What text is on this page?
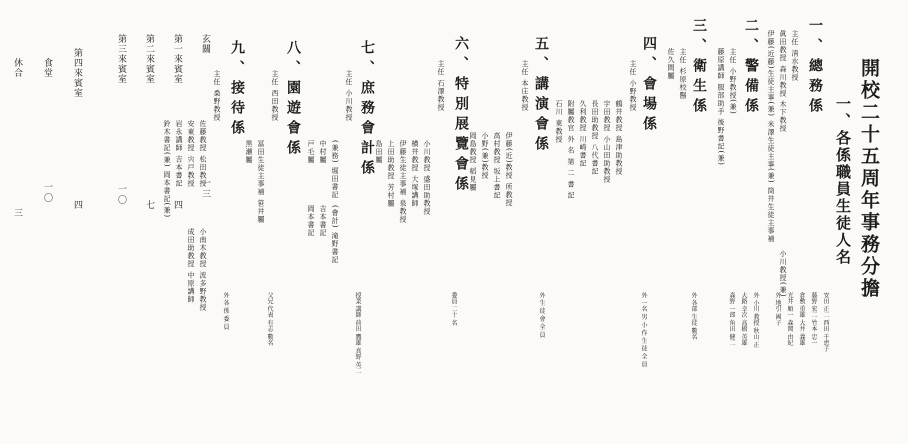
開校二十五周年事務分擔
一、各係職員生徒人名
一、總務係
主任 清水教授
眞田教授 森川教授 木下教授
伊藤(近藤)生徒主事(兼) 米澤生徒主事(兼) 筒井生徒主事補
小川教授(兼)
安田 正二 西田 千恵子
藤野 宏二 竹本 忠一
倉敷 重雄 大井 義雄
光井 順一 森岡 由紀
外 地引 國子
二、警備係
主任 小野教授(兼)
藤原講師 服部助手 後野書記(兼)
外 小川 教授 秋山 正
大路 幸次 高橋 英雄
森野 一郎 角田 健二
三、衛生係
主任 杉原校醫
佐久間屬
外 各部 生徒 數名
四、會場係
主任 小野教授
鶴井教授 島津助教授
宇田教授 小山田助教授
長田助教授 八代書記
久利教授 川崎書記
附屬教官 外 名 第 二 書 記
石川 東教授
外 一名 男 小 作 生 徒 全 員
五、講演會係
主任 本庄教授
伊藤(近)教授 所教授
高村教授 坂上書記
小野(兼)教授
岡島教授 稻見屬
外 生 徒 會 全 員
六、特別展覽會係
主任 石澤教授
小川教授 盛田助教授
横井教授 大塚講師
伊藤生徒主事補 泉教授
上田助教授 芳村屬
島田屬
委員 二十 名
七、庶務會計係
主任 小川教授
(兼務) 堀田書記
中村屬
戸毛屬
(會計) 滝野書記
吉本書記
岡本書記
授業 講師 前田 鷹雄 真野 英二
八、園遊會係
主任 西田教授
冨田生徒主事補 笹井屬
黒瀬屬
父兄 代表 有志 數名
九、接待係
主任 桑野教授
佐藤教授 松田教授
安東教授 宍戸教授
岩永講師 吉本書記
鈴木書記(兼) 岡本書記(兼)
小南木教授 波多野教授
成田助教授 中原講師
外 各 係 委 員
玄關
第一來賓室
第二來賓室
第三來賓室
第四來賓室
食堂
休合
一三
四
七
一〇
四
一〇
三
